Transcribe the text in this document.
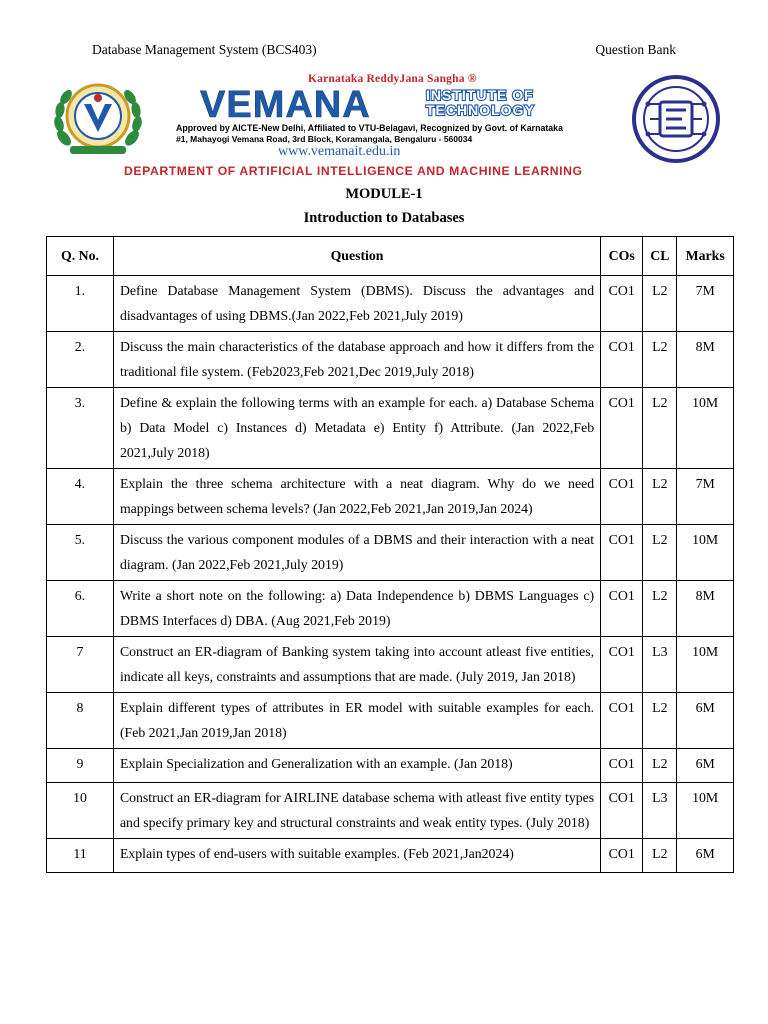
Database Management System (BCS403)	Question Bank
Karnataka ReddyJana Sangha ®
VEMANA	INSTITUTE OF
TECHNOLOGY
Approved by AICTE-New Delhi, Affiliated to VTU-Belagavi, Recognized by Govt. of Karnataka
#1, Mahayogi Vemana Road, 3rd Block, Koramangala, Bengaluru - 560034
www.vemanait.edu.in
DEPARTMENT OF ARTIFICIAL INTELLIGENCE AND MACHINE LEARNING
MODULE-1
Introduction to Databases
Q. No.	Question	COs	CL	Marks
1.	Define Database Management System (DBMS). Discuss the advantages and disadvantages of using DBMS.(Jan 2022,Feb 2021,July 2019)	CO1	L2	7M
2.	Discuss the main characteristics of the database approach and how it differs from the traditional file system. (Feb2023,Feb 2021,Dec 2019,July 2018)	CO1	L2	8M
3.	Define & explain the following terms with an example for each. a) Database Schema b) Data Model c) Instances d) Metadata e) Entity f) Attribute. (Jan 2022,Feb 2021,July 2018)	CO1	L2	10M
4.	Explain the three schema architecture with a neat diagram. Why do we need mappings between schema levels? (Jan 2022,Feb 2021,Jan 2019,Jan 2024)	CO1	L2	7M
5.	Discuss the various component modules of a DBMS and their interaction with a neat diagram. (Jan 2022,Feb 2021,July 2019)	CO1	L2	10M
6.	Write a short note on the following: a) Data Independence b) DBMS Languages c) DBMS Interfaces d) DBA. (Aug 2021,Feb 2019)	CO1	L2	8M
7	Construct an ER-diagram of Banking system taking into account atleast five entities, indicate all keys, constraints and assumptions that are made. (July 2019, Jan 2018)	CO1	L3	10M
8	Explain different types of attributes in ER model with suitable examples for each. (Feb 2021,Jan 2019,Jan 2018)	CO1	L2	6M
9	Explain Specialization and Generalization with an example. (Jan 2018)	CO1	L2	6M
10	Construct an ER-diagram for AIRLINE database schema with atleast five entity types and specify primary key and structural constraints and weak entity types. (July 2018)	CO1	L3	10M
11	Explain types of end-users with suitable examples. (Feb 2021,Jan2024)	CO1	L2	6M
